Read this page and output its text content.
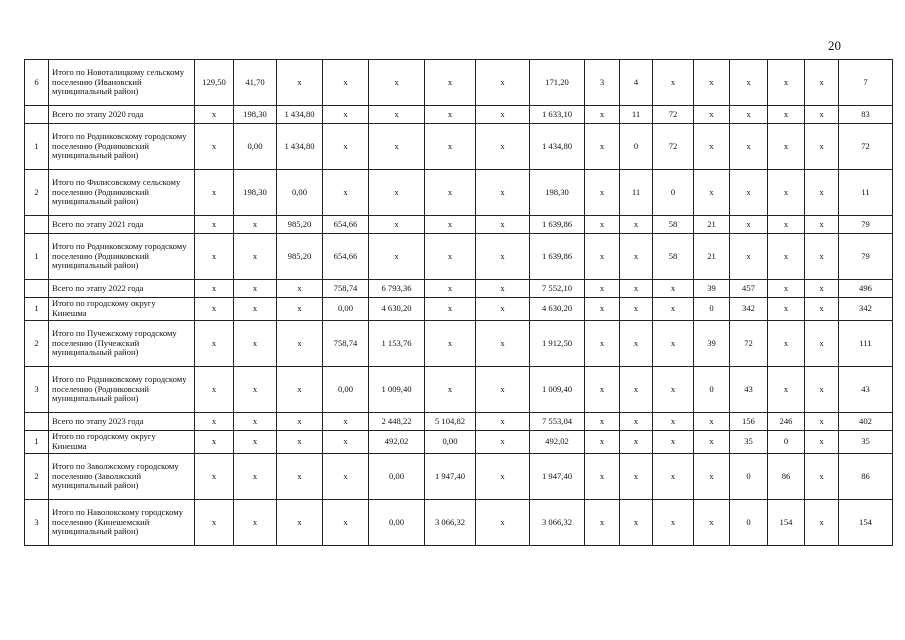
20
6	Итого по Новоталицкому сельскому поселению (Ивановский муниципальный район)	129,50	41,70	х	х	х	х	х	171,20	3	4	х	х	х	х	х	7
	Всего по этапу 2020 года	х	198,30	1 434,80	х	х	х	х	1 633,10	х	11	72	х	х	х	х	83
1	Итого по Родниковскому городскому поселению (Родниковский муниципальный район)	х	0,00	1 434,80	х	х	х	х	1 434,80	х	0	72	х	х	х	х	72
2	Итого по Филисовскому сельскому поселению (Родниковский муниципальный район)	х	198,30	0,00	х	х	х	х	198,30	х	11	0	х	х	х	х	11
	Всего по этапу 2021 года	х	х	985,20	654,66	х	х	х	1 639,86	х	х	58	21	х	х	х	79
1	Итого по Родниковскому городскому поселению (Родниковский муниципальный район)	х	х	985,20	654,66	х	х	х	1 639,86	х	х	58	21	х	х	х	79
	Всего по этапу 2022 года	х	х	х	758,74	6 793,36	х	х	7 552,10	х	х	х	39	457	х	х	496
1	Итого по городскому округу Кинешма	х	х	х	0,00	4 630,20	х	х	4 630,20	х	х	х	0	342	х	х	342
2	Итого по Пучежскому городскому поселению (Пучежский муниципальный район)	х	х	х	758,74	1 153,76	х	х	1 912,50	х	х	х	39	72	х	х	111
3	Итого по Родниковскому городскому поселению (Родниковский муниципальный район)	х	х	х	0,00	1 009,40	х	х	1 009,40	х	х	х	0	43	х	х	43
	Всего по этапу 2023 года	х	х	х	х	2 448,22	5 104,82	х	7 553,04	х	х	х	х	156	246	х	402
1	Итого по городскому округу Кинешма	х	х	х	х	492,02	0,00	х	492,02	х	х	х	х	35	0	х	35
2	Итого по Заволжскому городскому поселению (Заволжский муниципальный район)	х	х	х	х	0,00	1 947,40	х	1 947,40	х	х	х	х	0	86	х	86
3	Итого по Наволокскому городскому поселению (Кинешемский муниципальный район)	х	х	х	х	0,00	3 066,32	х	3 066,32	х	х	х	х	0	154	х	154
